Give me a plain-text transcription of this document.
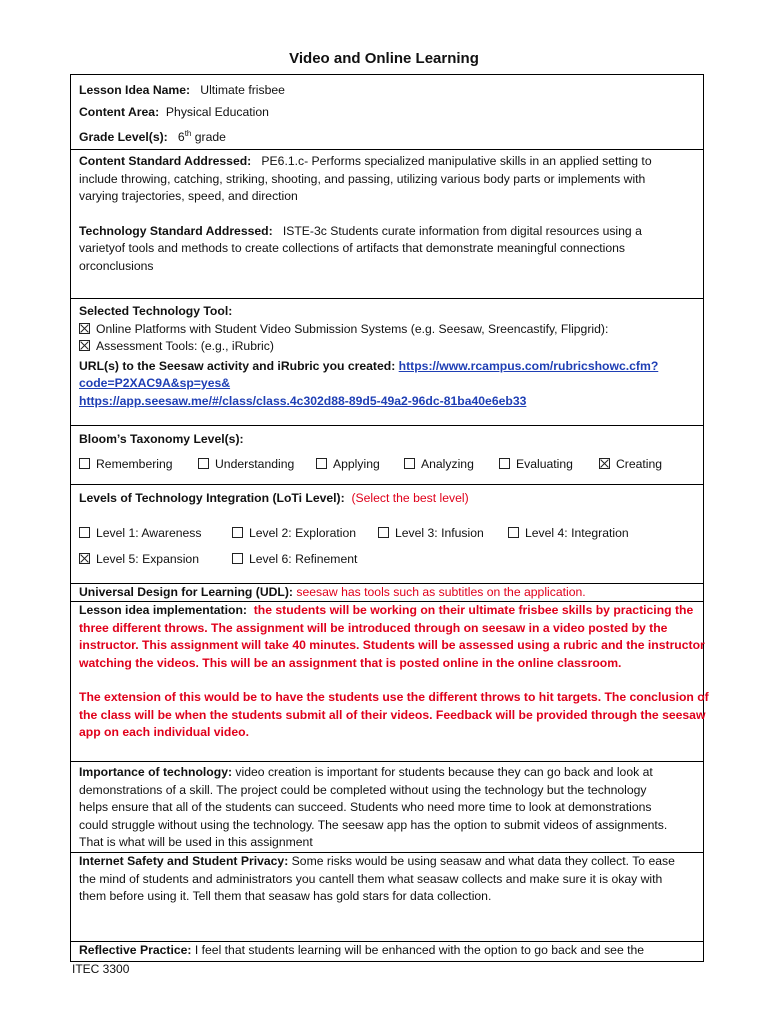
Video and Online Learning

Lesson Idea Name: Ultimate frisbee

Content Area: Physical Education

Grade Level(s): 6th grade

Content Standard Addressed: PE6.1.c- Performs specialized manipulative skills in an applied setting to

include throwing, catching, striking, shooting, and passing, utilizing various body parts or implements with

varying trajectories, speed, and direction

Technology Standard Addressed: ISTE-3c Students curate information from digital resources using a

varietyof tools and methods to create collections of artifacts that demonstrate meaningful connections

orconclusions

Selected Technology Tool:

Online Platforms with Student Video Submission Systems (e.g. Seesaw, Sreencastify, Flipgrid):

Assessment Tools: (e.g., iRubric)

URL(s) to the Seesaw activity and iRubric you created: https://www.rcampus.com/rubricshowc.cfm?

code=P2XAC9A&sp=yes&

https://app.seesaw.me/#/class/class.4c302d88-89d5-49a2-96dc-81ba40e6eb33

Bloom’s Taxonomy Level(s):

Remembering	Understanding	Applying	Analyzing	Evaluating	Creating

Levels of Technology Integration (LoTi Level): (Select the best level)

Level 1: Awareness	Level 2: Exploration	Level 3: Infusion	Level 4: Integration
Level 5: Expansion	Level 6: Refinement

Universal Design for Learning (UDL): seesaw has tools such as subtitles on the application.

Lesson idea implementation: the students will be working on their ultimate frisbee skills by practicing the

three different throws. The assignment will be introduced through on seesaw in a video posted by the

instructor. This assignment will take 40 minutes. Students will be assessed using a rubric and the instructor

watching the videos. This will be an assignment that is posted online in the online classroom.

The extension of this would be to have the students use the different throws to hit targets. The conclusion of

the class will be when the students submit all of their videos. Feedback will be provided through the seesaw

app on each individual video.

Importance of technology: video creation is important for students because they can go back and look at

demonstrations of a skill. The project could be completed without using the technology but the technology

helps ensure that all of the students can succeed. Students who need more time to look at demonstrations

could struggle without using the technology. The seesaw app has the option to submit videos of assignments.

That is what will be used in this assignment

Internet Safety and Student Privacy: Some risks would be using seasaw and what data they collect. To ease

the mind of students and administrators you cantell them what seasaw collects and make sure it is okay with

them before using it. Tell them that seasaw has gold stars for data collection.

Reflective Practice: I feel that students learning will be enhanced with the option to go back and see the

ITEC 3300
